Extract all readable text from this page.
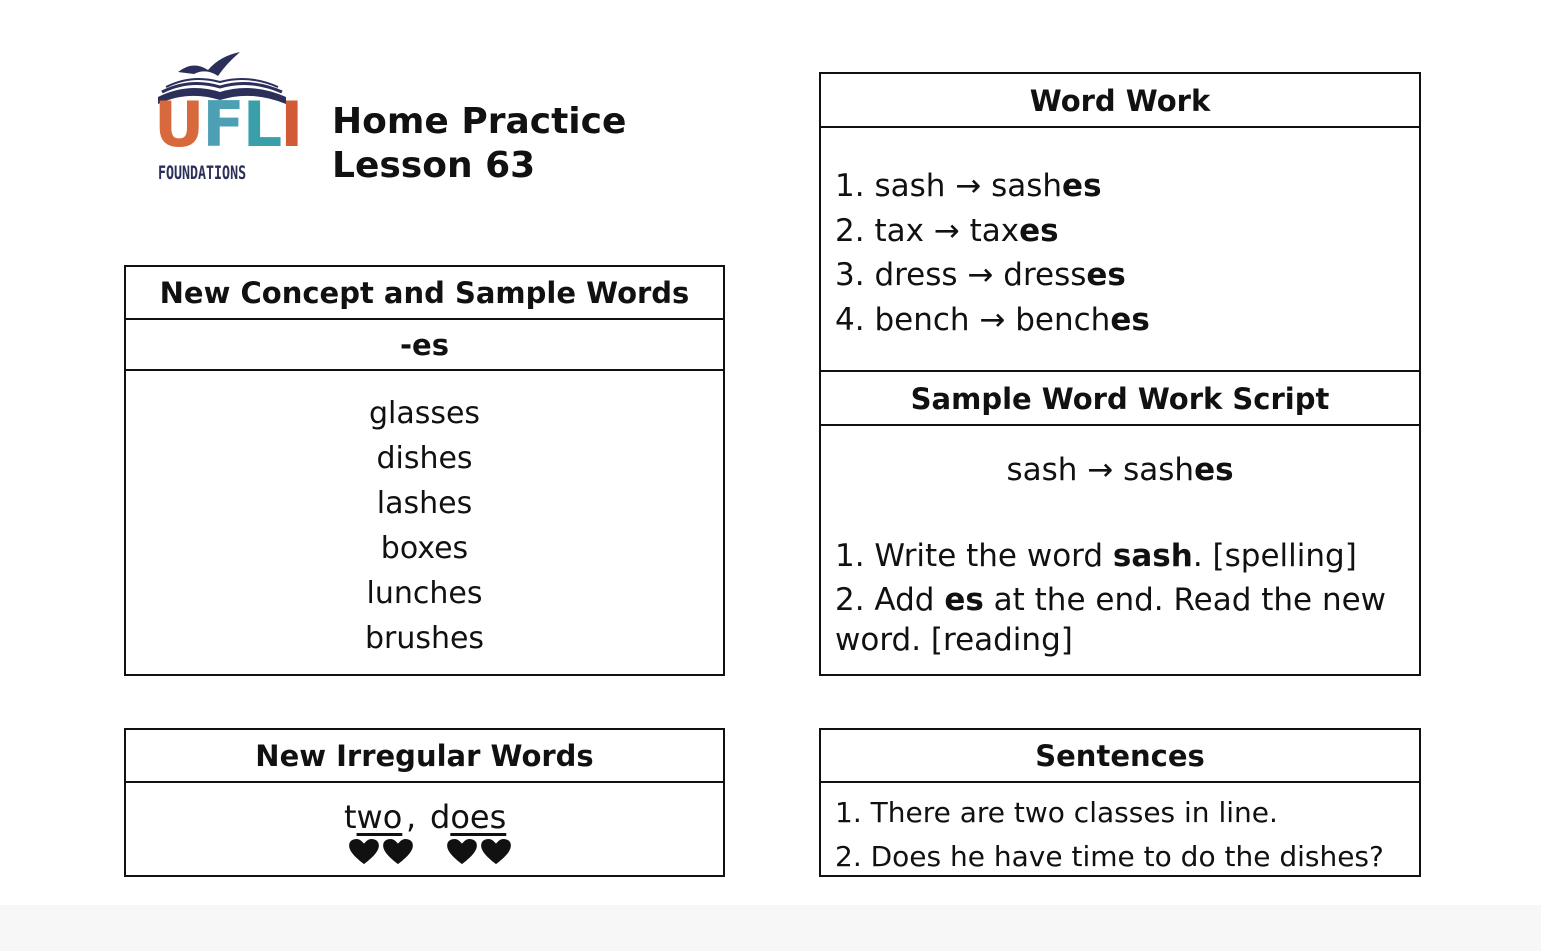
UFLI
FOUNDATIONS
Home Practice
Lesson 63
New Concept and Sample Words
-es
glasses
dishes
lashes
boxes
lunches
brushes
New Irregular Words
two , does
Word Work
1. sash → sashes
2. tax → taxes
3. dress → dresses
4. bench → benches
Sample Word Work Script
sash → sashes

1. Write the word sash. [spelling]

2. Add es at the end. Read the new word. [reading]

Sentences
1. There are two classes in line.
2. Does he have time to do the dishes?
